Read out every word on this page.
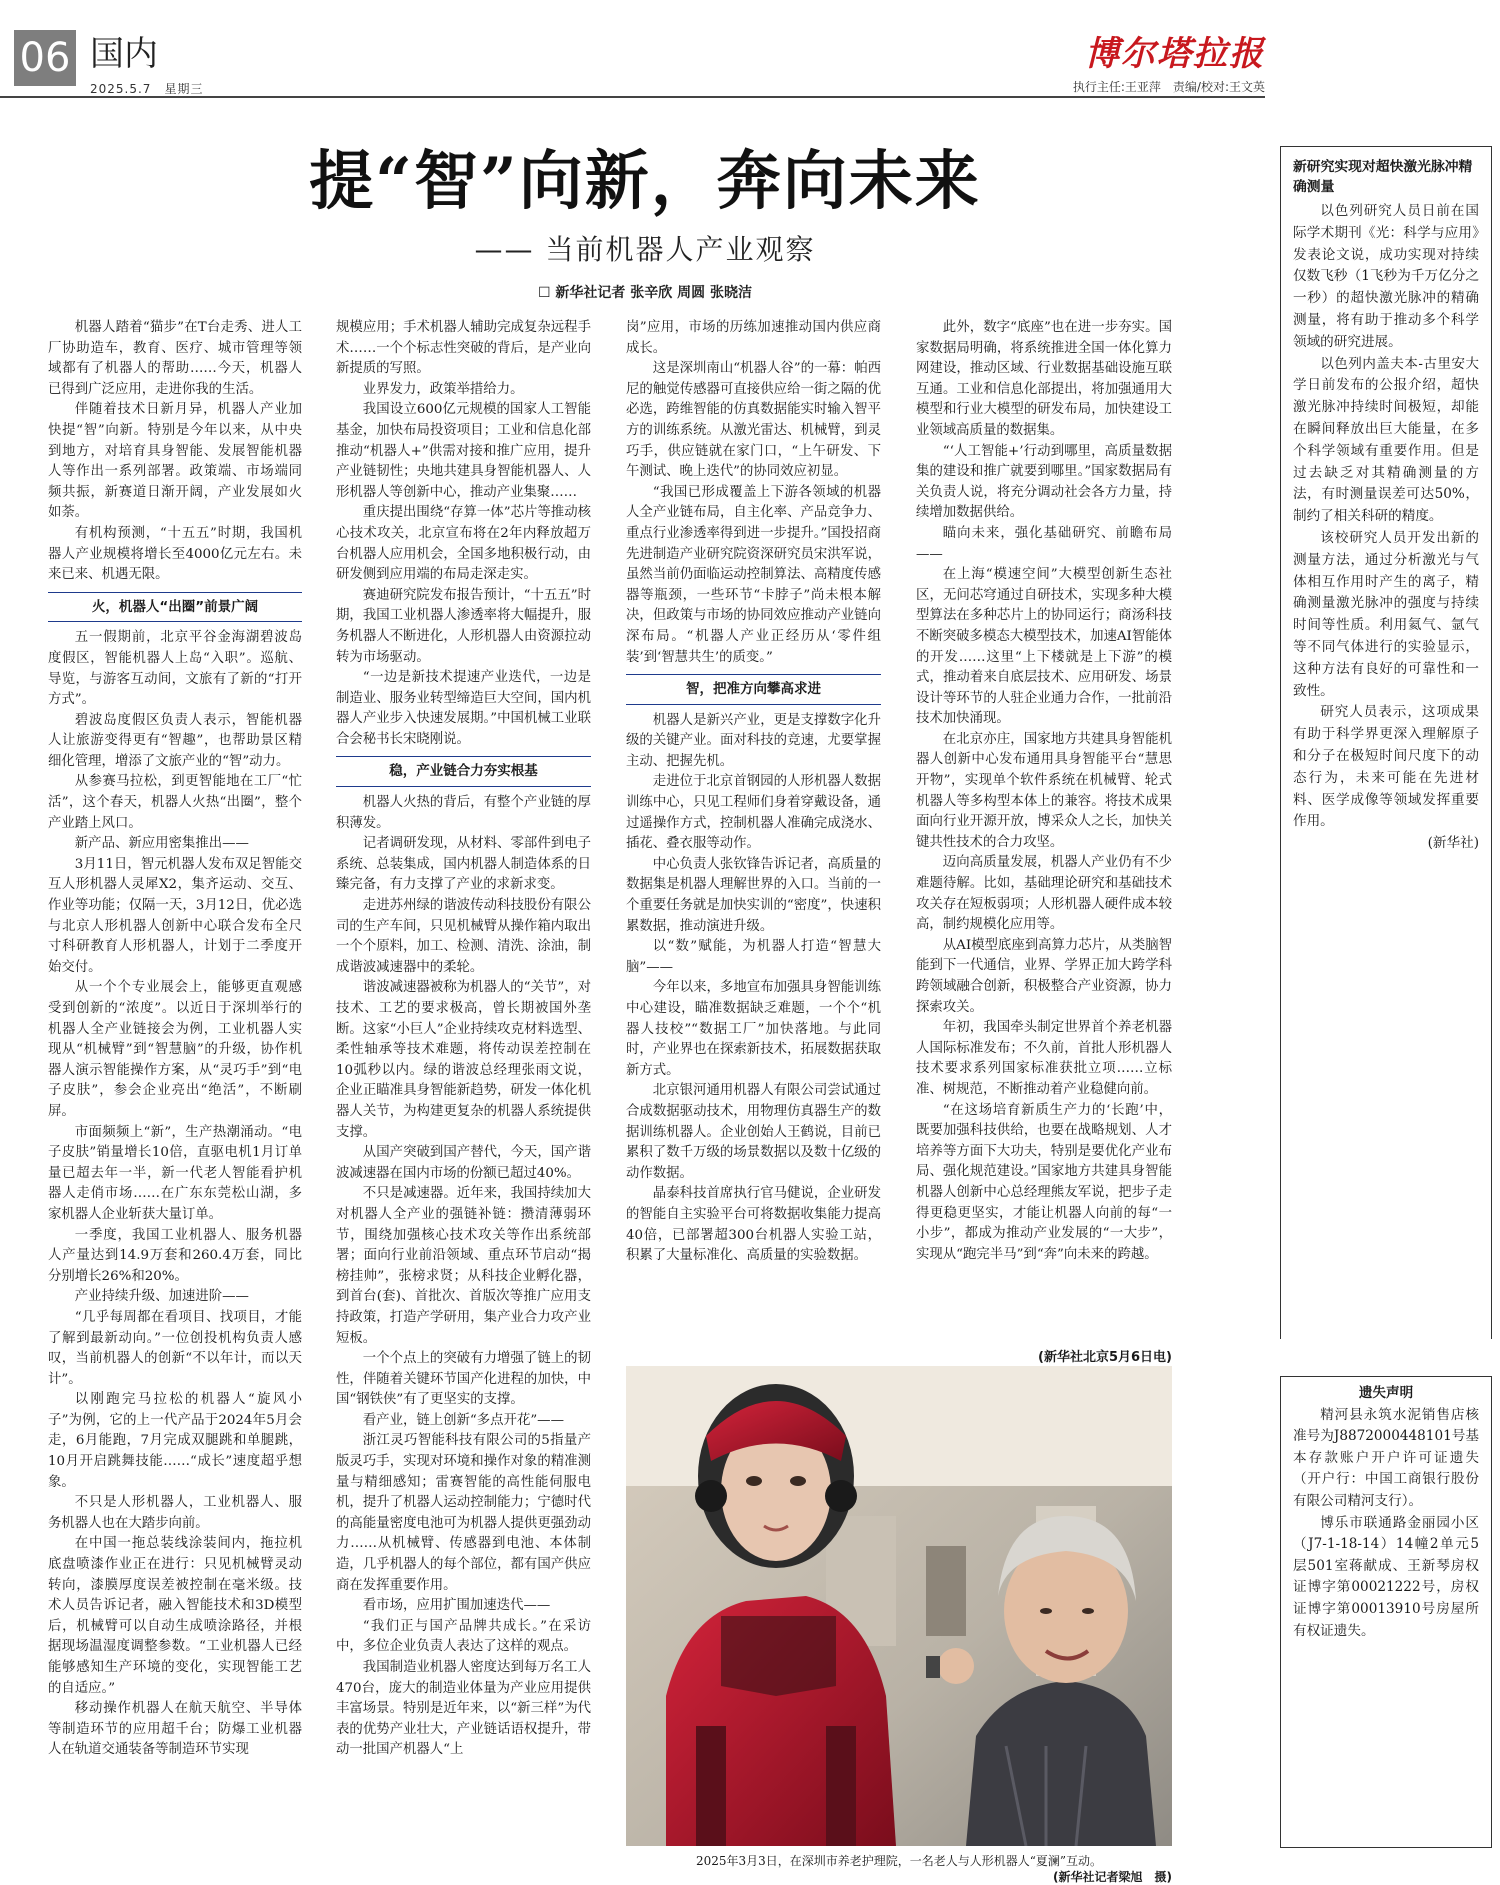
06 国内
2025.5.7　星期三
博尔塔拉报
执行主任:王亚萍　责编/校对:王文英
提“智”向新，奔向未来
—— 当前机器人产业观察
☐ 新华社记者 张辛欣 周圆 张晓洁

机器人踏着“猫步”在T台走秀、进人工厂协助造车，教育、医疗、城市管理等领域都有了机器人的帮助……今天，机器人已得到广泛应用，走进你我的生活。

伴随着技术日新月异，机器人产业加快提“智”向新。特别是今年以来，从中央到地方，对培育具身智能、发展智能机器人等作出一系列部署。政策端、市场端同频共振，新赛道日渐开阔，产业发展如火如荼。

有机构预测，“十五五”时期，我国机器人产业规模将增长至4000亿元左右。未来已来、机遇无限。

火，机器人“出圈”前景广阔

五一假期前，北京平谷金海湖碧波岛度假区，智能机器人上岛“入职”。巡航、导览，与游客互动间，文旅有了新的“打开方式”。

碧波岛度假区负责人表示，智能机器人让旅游变得更有“智趣”，也帮助景区精细化管理，增添了文旅产业的“智”动力。

从参赛马拉松，到更智能地在工厂“忙活”，这个春天，机器人火热“出圈”，整个产业踏上风口。

新产品、新应用密集推出——

3月11日，智元机器人发布双足智能交互人形机器人灵犀X2，集齐运动、交互、作业等功能；仅隔一天，3月12日，优必选与北京人形机器人创新中心联合发布全尺寸科研教育人形机器人，计划于二季度开始交付。

从一个个专业展会上，能够更直观感受到创新的“浓度”。以近日于深圳举行的机器人全产业链接会为例，工业机器人实现从“机械臂”到“智慧脑”的升级，协作机器人演示智能操作方案，从“灵巧手”到“电子皮肤”，参会企业亮出“绝活”，不断刷屏。

市面频频上“新”，生产热潮涌动。“电子皮肤”销量增长10倍，直驱电机1月订单量已超去年一半，新一代老人智能看护机器人走俏市场……在广东东莞松山湖，多家机器人企业斩获大量订单。

一季度，我国工业机器人、服务机器人产量达到14.9万套和260.4万套，同比分别增长26%和20%。

产业持续升级、加速进阶——

“几乎每周都在看项目、找项目，才能了解到最新动向。”一位创投机构负责人感叹，当前机器人的创新“不以年计，而以天计”。

以刚跑完马拉松的机器人“旋风小子”为例，它的上一代产品于2024年5月会走，6月能跑，7月完成双腿跳和单腿跳，10月开启跳舞技能……“成长”速度超乎想象。

不只是人形机器人，工业机器人、服务机器人也在大踏步向前。

在中国一拖总装线涂装间内，拖拉机底盘喷漆作业正在进行：只见机械臂灵动转向，漆膜厚度误差被控制在毫米级。技术人员告诉记者，融入智能技术和3D模型后，机械臂可以自动生成喷涂路径，并根据现场温湿度调整参数。“工业机器人已经能够感知生产环境的变化，实现智能工艺的自适应。”

移动操作机器人在航天航空、半导体等制造环节的应用超千台；防爆工业机器人在轨道交通装备等制造环节实现

规模应用；手术机器人辅助完成复杂远程手术……一个个标志性突破的背后，是产业向新提质的写照。

业界发力，政策举措给力。

我国设立600亿元规模的国家人工智能基金，加快布局投资项目；工业和信息化部推动“机器人+”供需对接和推广应用，提升产业链韧性；央地共建具身智能机器人、人形机器人等创新中心，推动产业集聚……

重庆提出围绕“存算一体”芯片等推动核心技术攻关，北京宣布将在2年内释放超万台机器人应用机会，全国多地积极行动，由研发侧到应用端的布局走深走实。

赛迪研究院发布报告预计，“十五五”时期，我国工业机器人渗透率将大幅提升，服务机器人不断进化，人形机器人由资源拉动转为市场驱动。

“一边是新技术提速产业迭代，一边是制造业、服务业转型缔造巨大空间，国内机器人产业步入快速发展期。”中国机械工业联合会秘书长宋晓刚说。

稳，产业链合力夯实根基

机器人火热的背后，有整个产业链的厚积薄发。

记者调研发现，从材料、零部件到电子系统、总装集成，国内机器人制造体系的日臻完备，有力支撑了产业的求新求变。

走进苏州绿的谐波传动科技股份有限公司的生产车间，只见机械臂从操作箱内取出一个个原料，加工、检测、清洗、涂油，制成谐波减速器中的柔轮。

谐波减速器被称为机器人的“关节”，对技术、工艺的要求极高，曾长期被国外垄断。这家“小巨人”企业持续攻克材料选型、柔性轴承等技术难题，将传动误差控制在10弧秒以内。绿的谐波总经理张雨文说，企业正瞄准具身智能新趋势，研发一体化机器人关节，为构建更复杂的机器人系统提供支撑。

从国产突破到国产替代，今天，国产谐波减速器在国内市场的份额已超过40%。

不只是减速器。近年来，我国持续加大对机器人全产业的强链补链：攒清薄弱环节，围绕加强核心技术攻关等作出系统部署；面向行业前沿领域、重点环节启动“揭榜挂帅”，张榜求贤；从科技企业孵化器，到首台(套)、首批次、首版次等推广应用支持政策，打造产学研用，集产业合力攻产业短板。

一个个点上的突破有力增强了链上的韧性，伴随着关键环节国产化进程的加快，中国“钢铁侠”有了更坚实的支撑。

看产业，链上创新“多点开花”——

浙江灵巧智能科技有限公司的5指量产版灵巧手，实现对环境和操作对象的精准测量与精细感知；雷赛智能的高性能伺服电机，提升了机器人运动控制能力；宁德时代的高能量密度电池可为机器人提供更强劲动力……从机械臂、传感器到电池、本体制造，几乎机器人的每个部位，都有国产供应商在发挥重要作用。

看市场，应用扩围加速迭代——

“我们正与国产品牌共成长。”在采访中，多位企业负责人表达了这样的观点。

我国制造业机器人密度达到每万名工人470台，庞大的制造业体量为产业应用提供丰富场景。特别是近年来，以“新三样”为代表的优势产业壮大，产业链话语权提升，带动一批国产机器人“上

岗”应用，市场的历练加速推动国内供应商成长。

这是深圳南山“机器人谷”的一幕：帕西尼的触觉传感器可直接供应给一街之隔的优必选，跨维智能的仿真数据能实时输入智平方的训练系统。从激光雷达、机械臂，到灵巧手，供应链就在家门口，“上午研发、下午测试、晚上迭代”的协同效应初显。

“我国已形成覆盖上下游各领域的机器人全产业链布局，自主化率、产品竞争力、重点行业渗透率得到进一步提升。”国投招商先进制造产业研究院资深研究员宋洪军说，虽然当前仍面临运动控制算法、高精度传感器等瓶颈，一些环节“卡脖子”尚未根本解决，但政策与市场的协同效应推动产业链向深布局。“机器人产业正经历从‘零件组装’到‘智慧共生’的质变。”

智，把准方向攀高求进

机器人是新兴产业，更是支撑数字化升级的关键产业。面对科技的竞速，尤要掌握主动、把握先机。

走进位于北京首钢园的人形机器人数据训练中心，只见工程师们身着穿戴设备，通过遥操作方式，控制机器人准确完成浇水、插花、叠衣服等动作。

中心负责人张钦锋告诉记者，高质量的数据集是机器人理解世界的入口。当前的一个重要任务就是加快实训的“密度”，快速积累数据，推动演进升级。

以“数”赋能，为机器人打造“智慧大脑”——

今年以来，多地宣布加强具身智能训练中心建设，瞄准数据缺乏难题，一个个“机器人技校”“数据工厂”加快落地。与此同时，产业界也在探索新技术，拓展数据获取新方式。

北京银河通用机器人有限公司尝试通过合成数据驱动技术，用物理仿真器生产的数据训练机器人。企业创始人王鹤说，目前已累积了数千万级的场景数据以及数十亿级的动作数据。

晶泰科技首席执行官马健说，企业研发的智能自主实验平台可将数据收集能力提高40倍，已部署超300台机器人实验工站，积累了大量标准化、高质量的实验数据。

此外，数字“底座”也在进一步夯实。国家数据局明确，将系统推进全国一体化算力网建设，推动区域、行业数据基础设施互联互通。工业和信息化部提出，将加强通用大模型和行业大模型的研发布局，加快建设工业领域高质量的数据集。

“‘人工智能+’行动到哪里，高质量数据集的建设和推广就要到哪里。”国家数据局有关负责人说，将充分调动社会各方力量，持续增加数据供给。

瞄向未来，强化基础研究、前瞻布局——

在上海“模速空间”大模型创新生态社区，无问芯穹通过自研技术，实现多种大模型算法在多种芯片上的协同运行；商汤科技不断突破多模态大模型技术，加速AI智能体的开发……这里“上下楼就是上下游”的模式，推动着来自底层技术、应用研发、场景设计等环节的人驻企业通力合作，一批前沿技术加快涌现。

在北京亦庄，国家地方共建具身智能机器人创新中心发布通用具身智能平台“慧思开物”，实现单个软件系统在机械臂、轮式机器人等多构型本体上的兼容。将技术成果面向行业开源开放，博采众人之长，加快关键共性技术的合力攻坚。

迈向高质量发展，机器人产业仍有不少难题待解。比如，基础理论研究和基础技术攻关存在短板弱项；人形机器人硬件成本较高，制约规模化应用等。

从AI模型底座到高算力芯片，从类脑智能到下一代通信，业界、学界正加大跨学科跨领域融合创新，积极整合产业资源，协力探索攻关。

年初，我国牵头制定世界首个养老机器人国际标准发布；不久前，首批人形机器人技术要求系列国家标准获批立项……立标准、树规范，不断推动着产业稳健向前。

“在这场培育新质生产力的‘长跑’中，既要加强科技供给，也要在战略规划、人才培养等方面下大功夫，特别是要优化产业布局、强化规范建设。”国家地方共建具身智能机器人创新中心总经理熊友军说，把步子走得更稳更坚实，才能让机器人向前的每“一小步”，都成为推动产业发展的“一大步”，实现从“跑完半马”到“奔”向未来的跨越。

(新华社北京5月6日电)
2025年3月3日，在深圳市养老护理院，一名老人与人形机器人“夏澜”互动。
(新华社记者梁旭　摄)

新研究实现对超快激光脉冲精确测量

以色列研究人员日前在国际学术期刊《光：科学与应用》发表论文说，成功实现对持续仅数飞秒（1飞秒为千万亿分之一秒）的超快激光脉冲的精确测量，将有助于推动多个科学领域的研究进展。

以色列内盖夫本-古里安大学日前发布的公报介绍，超快激光脉冲持续时间极短，却能在瞬间释放出巨大能量，在多个科学领域有重要作用。但是过去缺乏对其精确测量的方法，有时测量误差可达50%，制约了相关科研的精度。

该校研究人员开发出新的测量方法，通过分析激光与气体相互作用时产生的离子，精确测量激光脉冲的强度与持续时间等性质。利用氦气、氩气等不同气体进行的实验显示，这种方法有良好的可靠性和一致性。

研究人员表示，这项成果有助于科学界更深入理解原子和分子在极短时间尺度下的动态行为，未来可能在先进材料、医学成像等领域发挥重要作用。

(新华社)

遗失声明

精河县永筑水泥销售店核准号为J8872000448101号基本存款账户开户许可证遗失（开户行：中国工商银行股份有限公司精河支行）。

博乐市联通路金丽园小区（J7-1-18-14）14幢2单元5层501室蒋献成、王新琴房权证博字第00021222号，房权证博字第00013910号房屋所有权证遗失。
